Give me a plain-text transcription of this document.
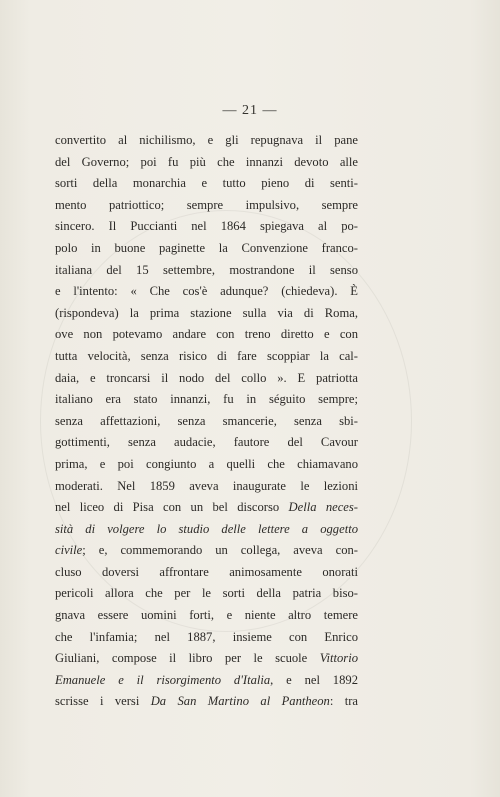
— 21 —
convertito al nichilismo, e gli repugnava il pane
del Governo; poi fu più che innanzi devoto alle
sorti della monarchia e tutto pieno di senti-
mento patriottico; sempre impulsivo, sempre
sincero. Il Puccianti nel 1864 spiegava al po-
polo in buone paginette la Convenzione franco-
italiana del 15 settembre, mostrandone il senso
e l'intento: « Che cos'è adunque? (chiedeva). È
(rispondeva) la prima stazione sulla via di Roma,
ove non potevamo andare con treno diretto e con
tutta velocità, senza risico di fare scoppiar la cal-
daia, e troncarsi il nodo del collo ». E patriotta
italiano era stato innanzi, fu in séguito sempre;
senza affettazioni, senza smancerie, senza sbi-
gottimenti, senza audacie, fautore del Cavour
prima, e poi congiunto a quelli che chiamavano
moderati. Nel 1859 aveva inaugurate le lezioni
nel liceo di Pisa con un bel discorso Della neces-
sità di volgere lo studio delle lettere a oggetto
civile; e, commemorando un collega, aveva con-
cluso doversi affrontare animosamente onorati
pericoli allora che per le sorti della patria biso-
gnava essere uomini forti, e niente altro temere
che l'infamia; nel 1887, insieme con Enrico
Giuliani, compose il libro per le scuole Vittorio
Emanuele e il risorgimento d'Italia, e nel 1892
scrisse i versi Da San Martino al Pantheon: tra
